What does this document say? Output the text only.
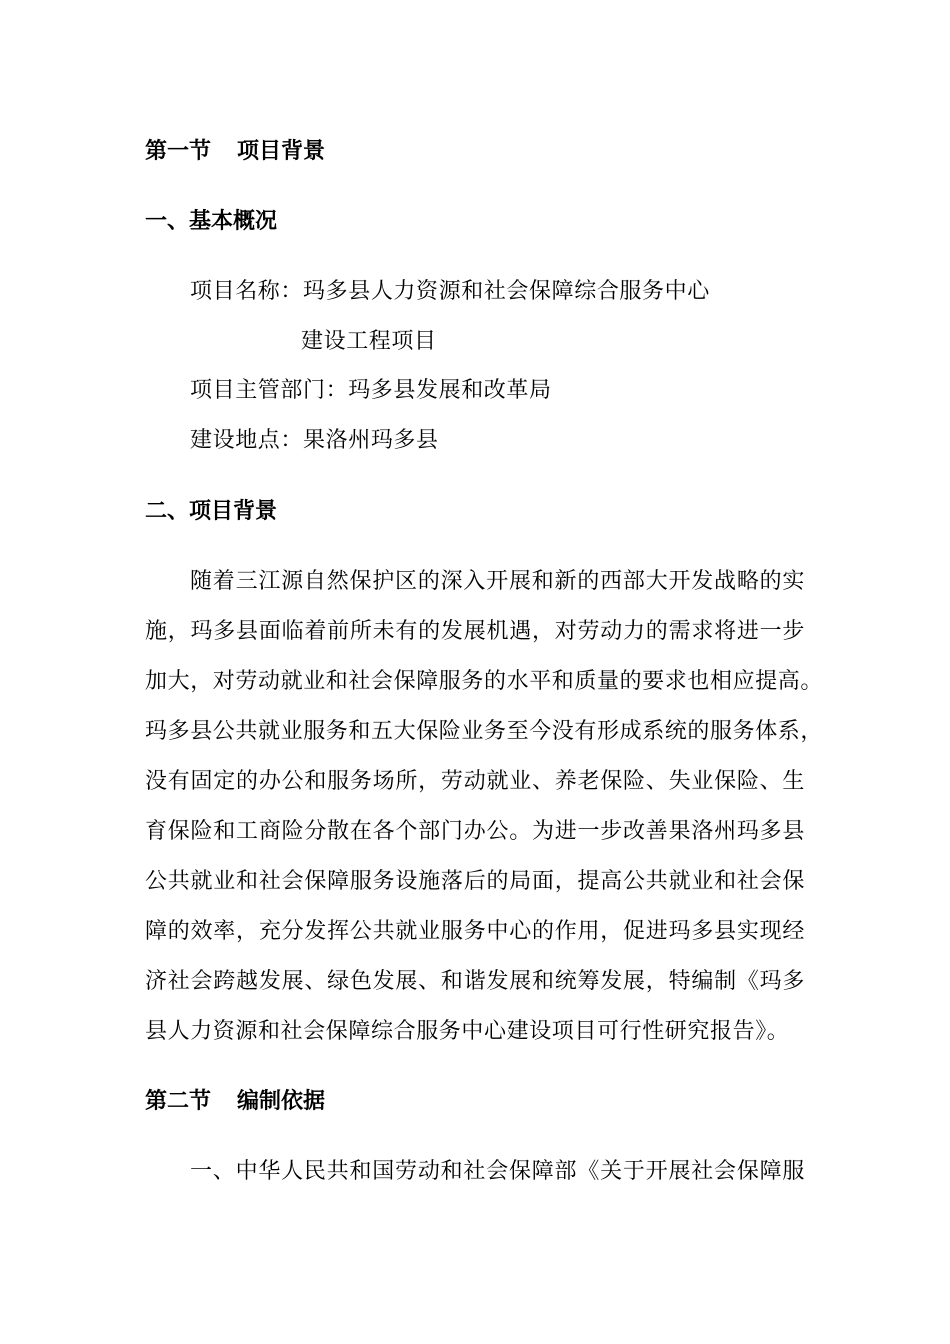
第一节 项目背景
一、基本概况
项目名称：玛多县人力资源和社会保障综合服务中心
建设工程项目
项目主管部门：玛多县发展和改革局
建设地点：果洛州玛多县
二、项目背景
随着三江源自然保护区的深入开展和新的西部大开发战略的实
施，玛多县面临着前所未有的发展机遇，对劳动力的需求将进一步
加大，对劳动就业和社会保障服务的水平和质量的要求也相应提高。
玛多县公共就业服务和五大保险业务至今没有形成系统的服务体系，
没有固定的办公和服务场所，劳动就业、养老保险、失业保险、生
育保险和工商险分散在各个部门办公。为进一步改善果洛州玛多县
公共就业和社会保障服务设施落后的局面，提高公共就业和社会保
障的效率，充分发挥公共就业服务中心的作用，促进玛多县实现经
济社会跨越发展、绿色发展、和谐发展和统筹发展，特编制《玛多
县人力资源和社会保障综合服务中心建设项目可行性研究报告》。
第二节 编制依据
一、中华人民共和国劳动和社会保障部《关于开展社会保障服
